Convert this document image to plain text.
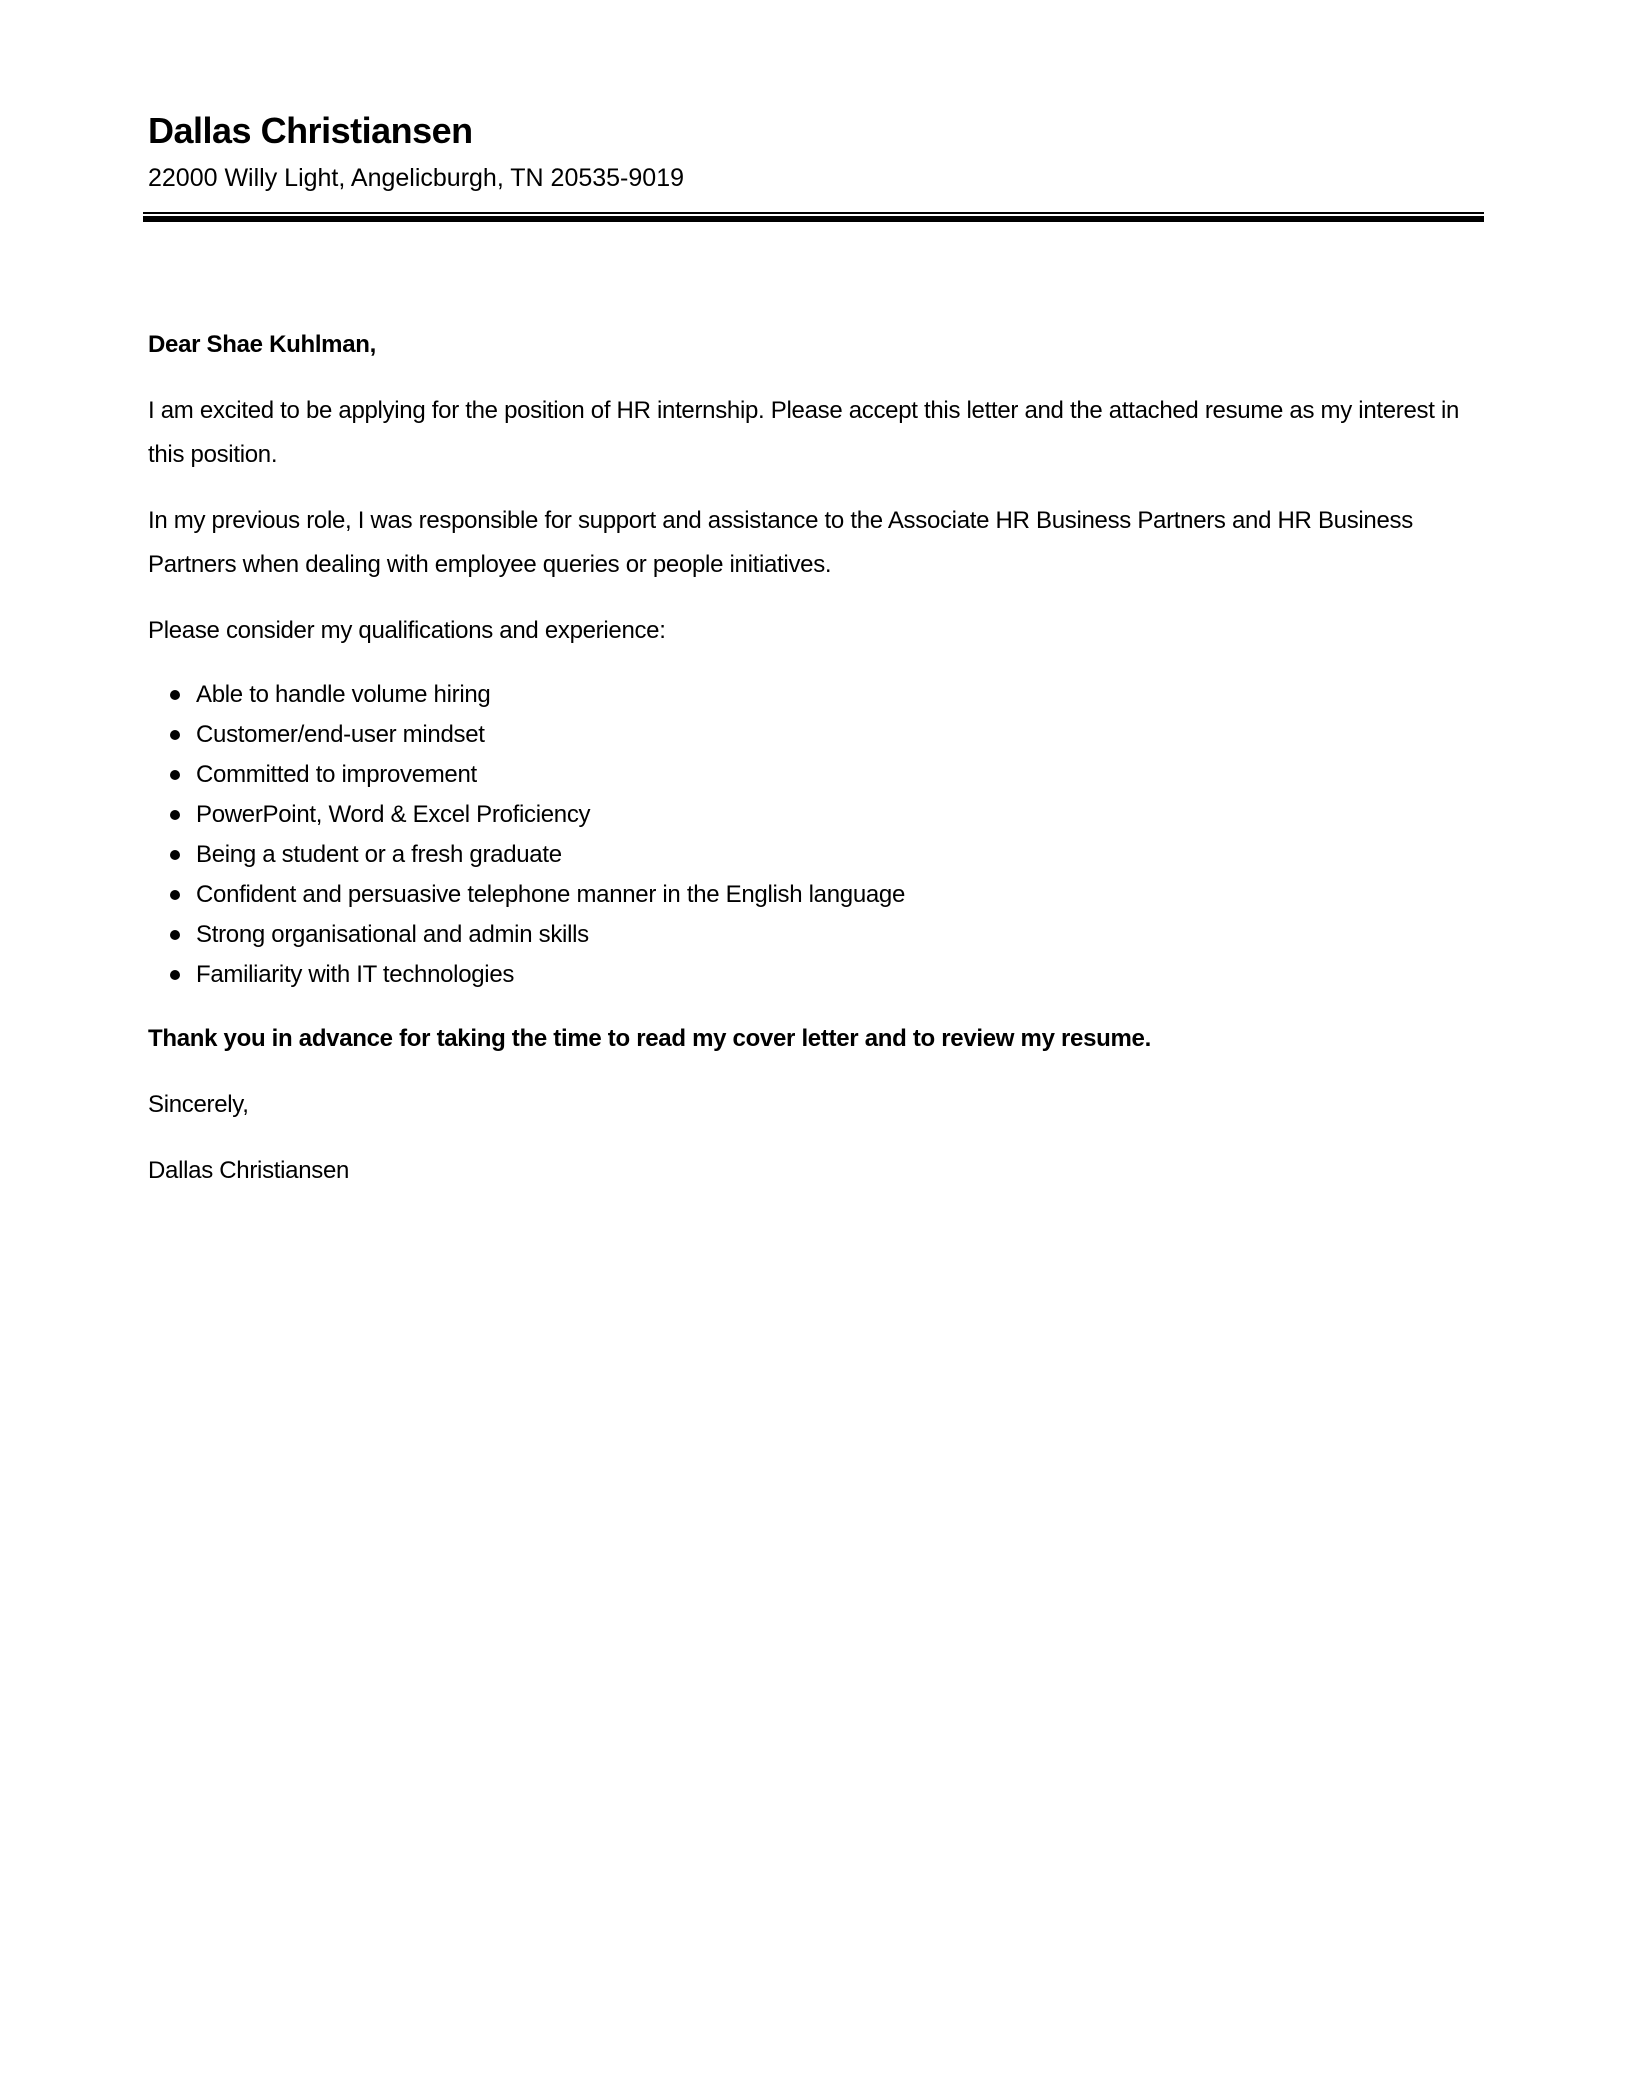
Dallas Christiansen
22000 Willy Light, Angelicburgh, TN 20535-9019

Dear Shae Kuhlman,

I am excited to be applying for the position of HR internship. Please accept this letter and the attached resume as my interest in this position.

In my previous role, I was responsible for support and assistance to the Associate HR Business Partners and HR Business Partners when dealing with employee queries or people initiatives.

Please consider my qualifications and experience:

Able to handle volume hiring
Customer/end-user mindset
Committed to improvement
PowerPoint, Word & Excel Proficiency
Being a student or a fresh graduate
Confident and persuasive telephone manner in the English language
Strong organisational and admin skills
Familiarity with IT technologies

Thank you in advance for taking the time to read my cover letter and to review my resume.

Sincerely,

Dallas Christiansen
